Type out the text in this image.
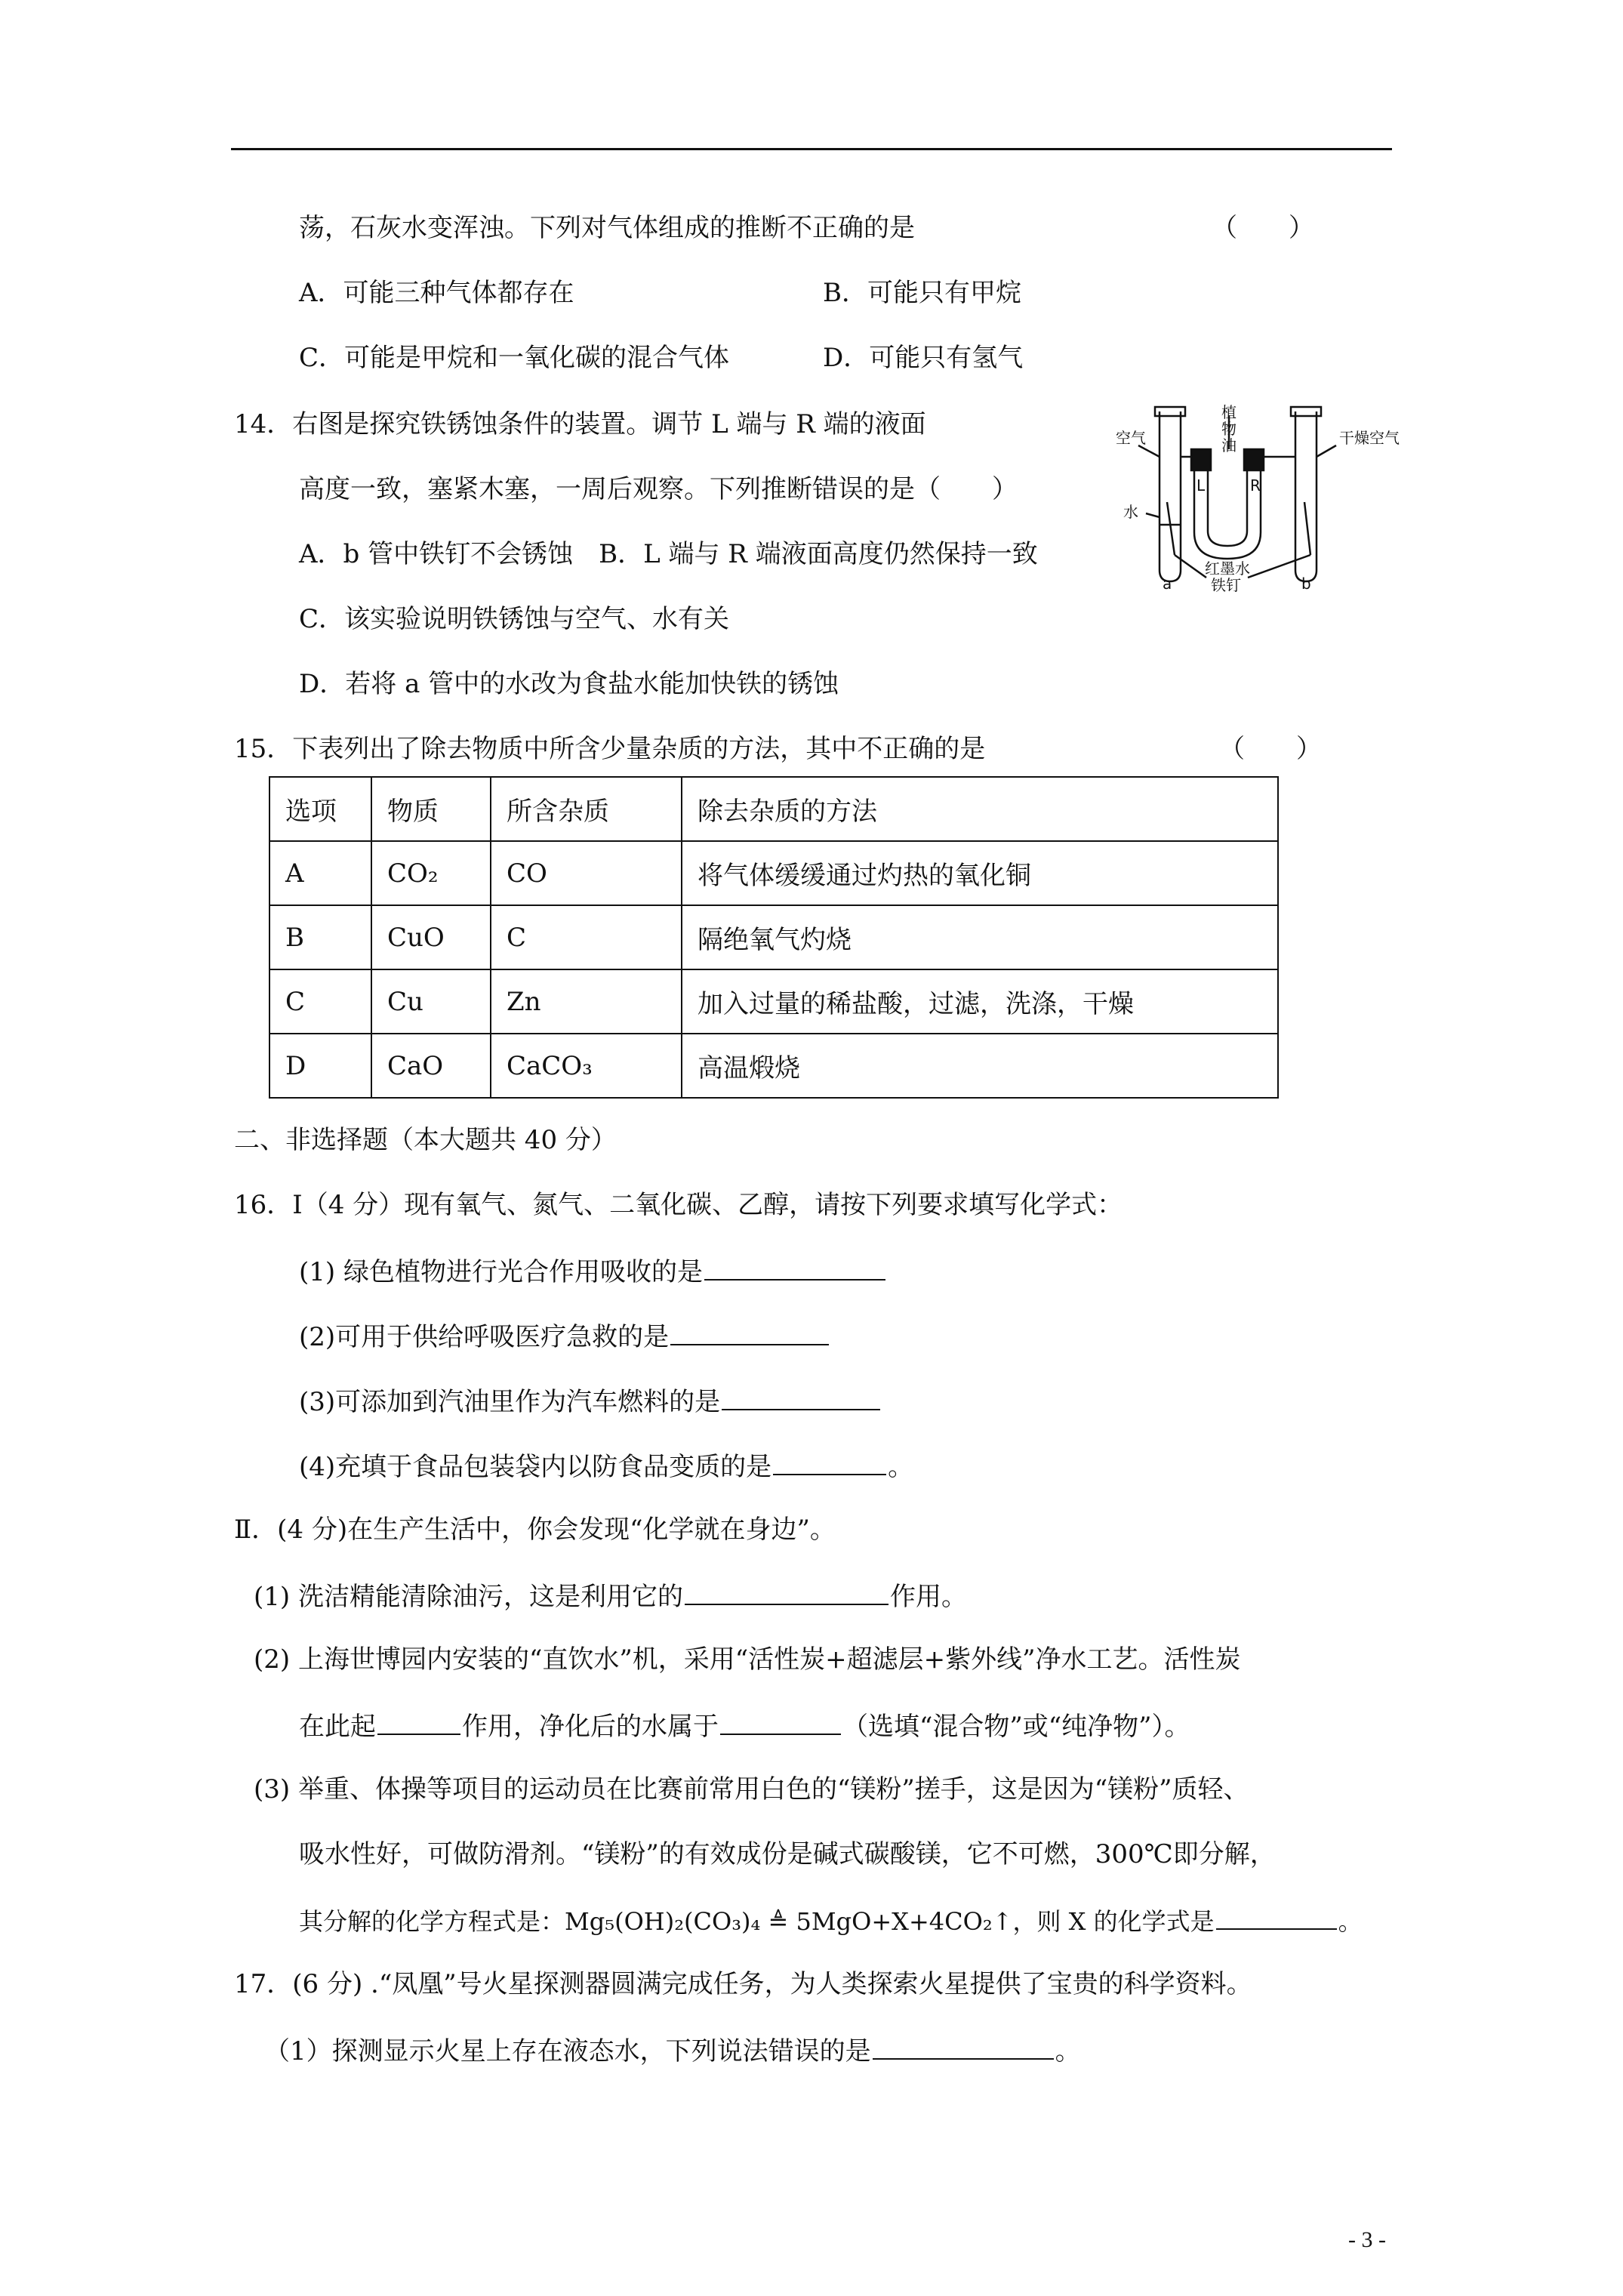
荡，石灰水变浑浊。下列对气体组成的推断不正确的是	（　　）
A．可能三种气体都存在	B．可能只有甲烷
C．可能是甲烷和一氧化碳的混合气体	D．可能只有氢气
14．右图是探究铁锈蚀条件的装置。调节 L 端与 R 端的液面
高度一致，塞紧木塞，一周后观察。下列推断错误的是（　　）
A．b 管中铁钉不会锈蚀　B．L 端与 R 端液面高度仍然保持一致
C．该实验说明铁锈蚀与空气、水有关
D．若将 a 管中的水改为食盐水能加快铁的锈蚀
植
物
油
空气	干燥空气
L	R
水
红墨水
铁钉
a	b
15．下表列出了除去物质中所含少量杂质的方法，其中不正确的是	（　　）
选项	物质	所含杂质	除去杂质的方法
A	CO₂	CO	将气体缓缓通过灼热的氧化铜
B	CuO	C	隔绝氧气灼烧
C	Cu	Zn	加入过量的稀盐酸，过滤，洗涤，干燥
D	CaO	CaCO₃	高温煅烧
二、非选择题（本大题共 40 分）
16．Ⅰ（4 分）现有氧气、氮气、二氧化碳、乙醇，请按下列要求填写化学式：
(1) 绿色植物进行光合作用吸收的是
(2)可用于供给呼吸医疗急救的是
(3)可添加到汽油里作为汽车燃料的是
(4)充填于食品包装袋内以防食品变质的是	。
Ⅱ．(4 分)在生产生活中，你会发现“化学就在身边”。
(1) 洗洁精能清除油污，这是利用它的	作用。
(2) 上海世博园内安装的“直饮水”机，采用“活性炭+超滤层+紫外线”净水工艺。活性炭
在此起	作用，净化后的水属于	（选填“混合物”或“纯净物”）。
(3) 举重、体操等项目的运动员在比赛前常用白色的“镁粉”搓手，这是因为“镁粉”质轻、
吸水性好，可做防滑剂。“镁粉”的有效成份是碱式碳酸镁，它不可燃，300℃即分解，
其分解的化学方程式是：Mg₅(OH)₂(CO₃)₄ ≜ 5MgO+X+4CO₂↑，则 X 的化学式是	。
17．(6 分) .“凤凰”号火星探测器圆满完成任务，为人类探索火星提供了宝贵的科学资料。
（1）探测显示火星上存在液态水，下列说法错误的是	。
- 3 -
